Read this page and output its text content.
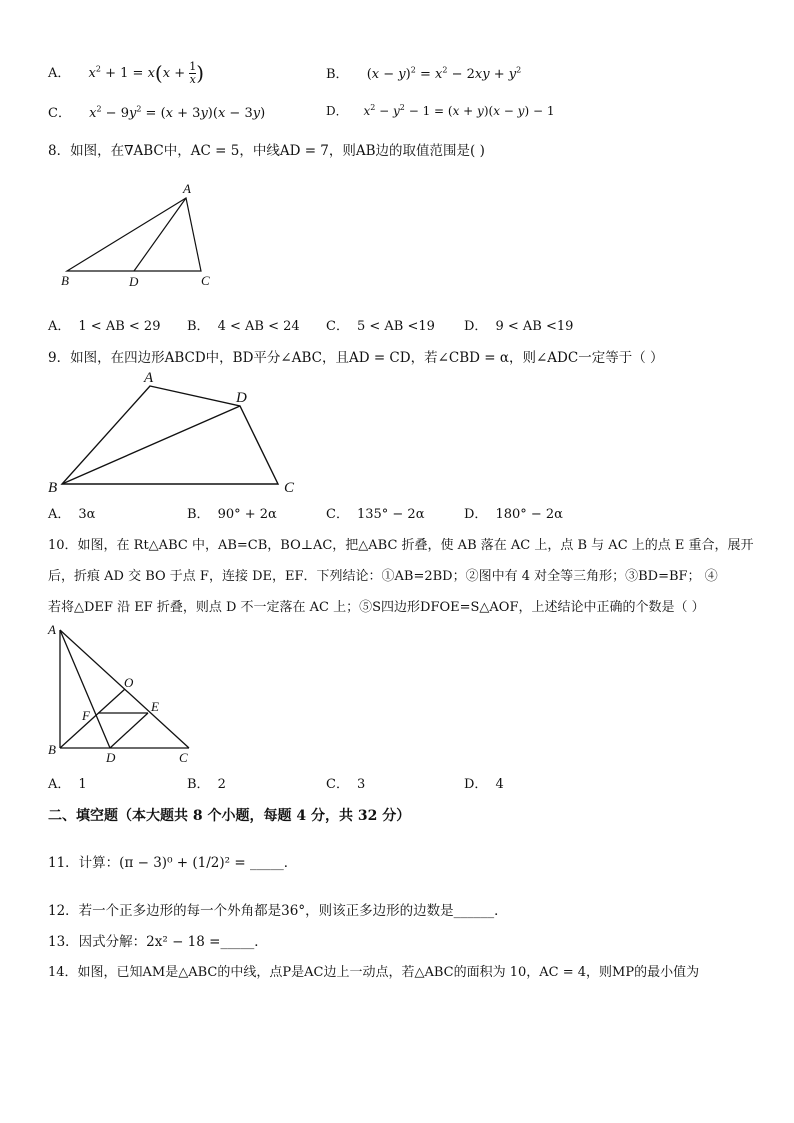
A． $x^2 + 1 = x(x + \frac{1}{x}$ )	B． $(x - y)^2 = x^2 - 2xy + y^2$
C． $x^2 - 9y^2 = (x + 3y)(x - 3y)$	D． $x^2 - y^2 - 1 = (x + y)(x - y) - 1$
8．如图，在∇ABC中，AC = 5，中线AD = 7，则AB边的取值范围是( )
A
B	D	C
A． 1 < AB < 29 B． 4 < AB < 24 C． 5 < AB <19 D． 9 < AB <19
9．如图，在四边形ABCD中，BD平分∠ABC，且AD = CD，若∠CBD = α，则∠ADC一定等于（ ）
A
D
B	C
A． 3α	B． 90° + 2α	C． 135° − 2α	D． 180° − 2α
10．如图，在 Rt△ABC 中，AB=CB，BO⊥AC，把△ABC 折叠，使 AB 落在 AC 上，点 B 与 AC 上的点 E 重合，展开
后，折痕 AD 交 BO 于点 F，连接 DE，EF．下列结论：①AB=2BD；②图中有 4 对全等三角形；③BD=BF； ④
若将△DEF 沿 EF 折叠，则点 D 不一定落在 AC 上；⑤S四边形DFOE=S△AOF，上述结论中正确的个数是（ ）
A
O
F
E
B
D	C
A． 1	B． 2	C． 3	D． 4
二、填空题（本大题共 8 个小题，每题 4 分，共 32 分）
11．计算：(π − 3)⁰ + (1/2)² = _____．
12．若一个正多边形的每一个外角都是36°，则该正多边形的边数是______．
13．因式分解：2x² − 18 =_____．
14．如图，已知AM是△ABC的中线，点P是AC边上一动点，若△ABC的面积为 10，AC = 4，则MP的最小值为
